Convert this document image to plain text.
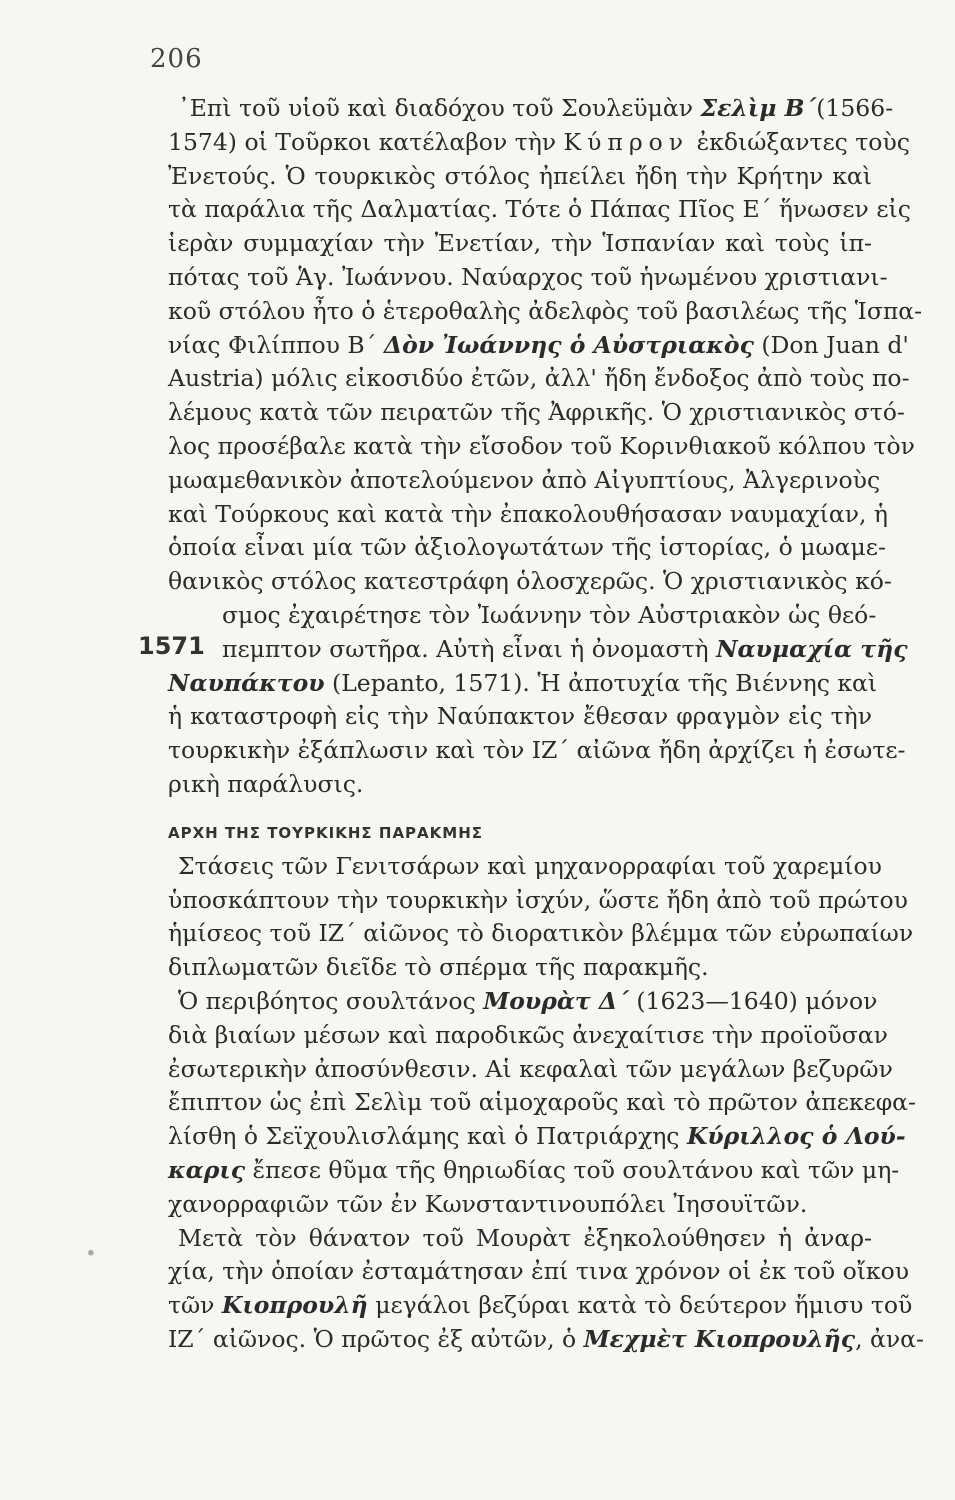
206
1571
∙
᾿Επὶ τοῦ υἱοῦ καὶ διαδόχου τοῦ Σουλεϋμὰν Σελὶμ Β΄(1566-
1574) οἱ Τοῦρκοι κατέλαβον τὴν Κύπρον ἐκδιώξαντες τοὺς
Ἐνετούς. Ὁ τουρκικὸς στόλος ἠπείλει ἤδη τὴν Κρήτην καὶ
τὰ παράλια τῆς Δαλματίας. Τότε ὁ Πάπας Πῖος Ε΄ ἥνωσεν εἰς
ἱερὰν συμμαχίαν τὴν Ἐνετίαν, τὴν Ἱσπανίαν καὶ τοὺς ἱπ-
πότας τοῦ Ἁγ. Ἰωάννου. Ναύαρχος τοῦ ἡνωμένου χριστιανι-
κοῦ στόλου ἦτο ὁ ἑτεροθαλὴς ἀδελφὸς τοῦ βασιλέως τῆς Ἱσπα-
νίας Φιλίππου Β΄ Δὸν Ἰωάννης ὁ Αὐστριακὸς (Don Juan d'
Austria) μόλις εἰκοσιδύο ἐτῶν, ἀλλ' ἤδη ἔνδοξος ἀπὸ τοὺς πο-
λέμους κατὰ τῶν πειρατῶν τῆς Ἀφρικῆς. Ὁ χριστιανικὸς στό-
λος προσέβαλε κατὰ τὴν εἴσοδον τοῦ Κορινθιακοῦ κόλπου τὸν
μωαμεθανικὸν ἀποτελούμενον ἀπὸ Αἰγυπτίους, Ἀλγερινοὺς
καὶ Τούρκους καὶ κατὰ τὴν ἐπακολουθήσασαν ναυμαχίαν, ἡ
ὁποία εἶναι μία τῶν ἀξιολογωτάτων τῆς ἱστορίας, ὁ μωαμε-
θανικὸς στόλος κατεστράφη ὁλοσχερῶς. Ὁ χριστιανικὸς κό-
σμος ἐχαιρέτησε τὸν Ἰωάννην τὸν Αὐστριακὸν ὡς θεό-
πεμπτον σωτῆρα. Αὐτὴ εἶναι ἡ ὀνομαστὴ Ναυμαχία τῆς
Ναυπάκτου (Lepanto, 1571). Ἡ ἀποτυχία τῆς Βιέννης καὶ
ἡ καταστροφὴ εἰς τὴν Ναύπακτον ἔθεσαν φραγμὸν εἰς τὴν
τουρκικὴν ἐξάπλωσιν καὶ τὸν ΙΖ΄ αἰῶνα ἤδη ἀρχίζει ἡ ἐσωτε-
ρικὴ παράλυσις.
ΑΡΧΗ ΤΗΣ ΤΟΥΡΚΙΚΗΣ ΠΑΡΑΚΜΗΣ
Στάσεις τῶν Γενιτσάρων καὶ μηχανορραφίαι τοῦ χαρεμίου
ὑποσκάπτουν τὴν τουρκικὴν ἰσχύν, ὥστε ἤδη ἀπὸ τοῦ πρώτου
ἡμίσεος τοῦ ΙΖ΄ αἰῶνος τὸ διορατικὸν βλέμμα τῶν εὐρωπαίων
διπλωματῶν διεῖδε τὸ σπέρμα τῆς παρακμῆς.
Ὁ περιβόητος σουλτάνος Μουρὰτ Δ΄ (1623—1640) μόνον
διὰ βιαίων μέσων καὶ παροδικῶς ἀνεχαίτισε τὴν προϊοῦσαν
ἐσωτερικὴν ἀποσύνθεσιν. Αἱ κεφαλαὶ τῶν μεγάλων βεζυρῶν
ἔπιπτον ὡς ἐπὶ Σελὶμ τοῦ αἱμοχαροῦς καὶ τὸ πρῶτον ἀπεκεφα-
λίσθη ὁ Σεϊχουλισλάμης καὶ ὁ Πατριάρχης Κύριλλος ὁ Λού-
καρις ἔπεσε θῦμα τῆς θηριωδίας τοῦ σουλτάνου καὶ τῶν μη-
χανορραφιῶν τῶν ἐν Κωνσταντινουπόλει Ἰησουϊτῶν.
Μετὰ τὸν θάνατον τοῦ Μουρὰτ ἐξηκολούθησεν ἡ ἀναρ-
χία, τὴν ὁποίαν ἐσταμάτησαν ἐπί τινα χρόνον οἱ ἐκ τοῦ οἴκου
τῶν Κιοπρουλῆ μεγάλοι βεζύραι κατὰ τὸ δεύτερον ἥμισυ τοῦ
ΙΖ΄ αἰῶνος. Ὁ πρῶτος ἐξ αὐτῶν, ὁ Μεχμὲτ Κιοπρουλῆς, ἀνα-
